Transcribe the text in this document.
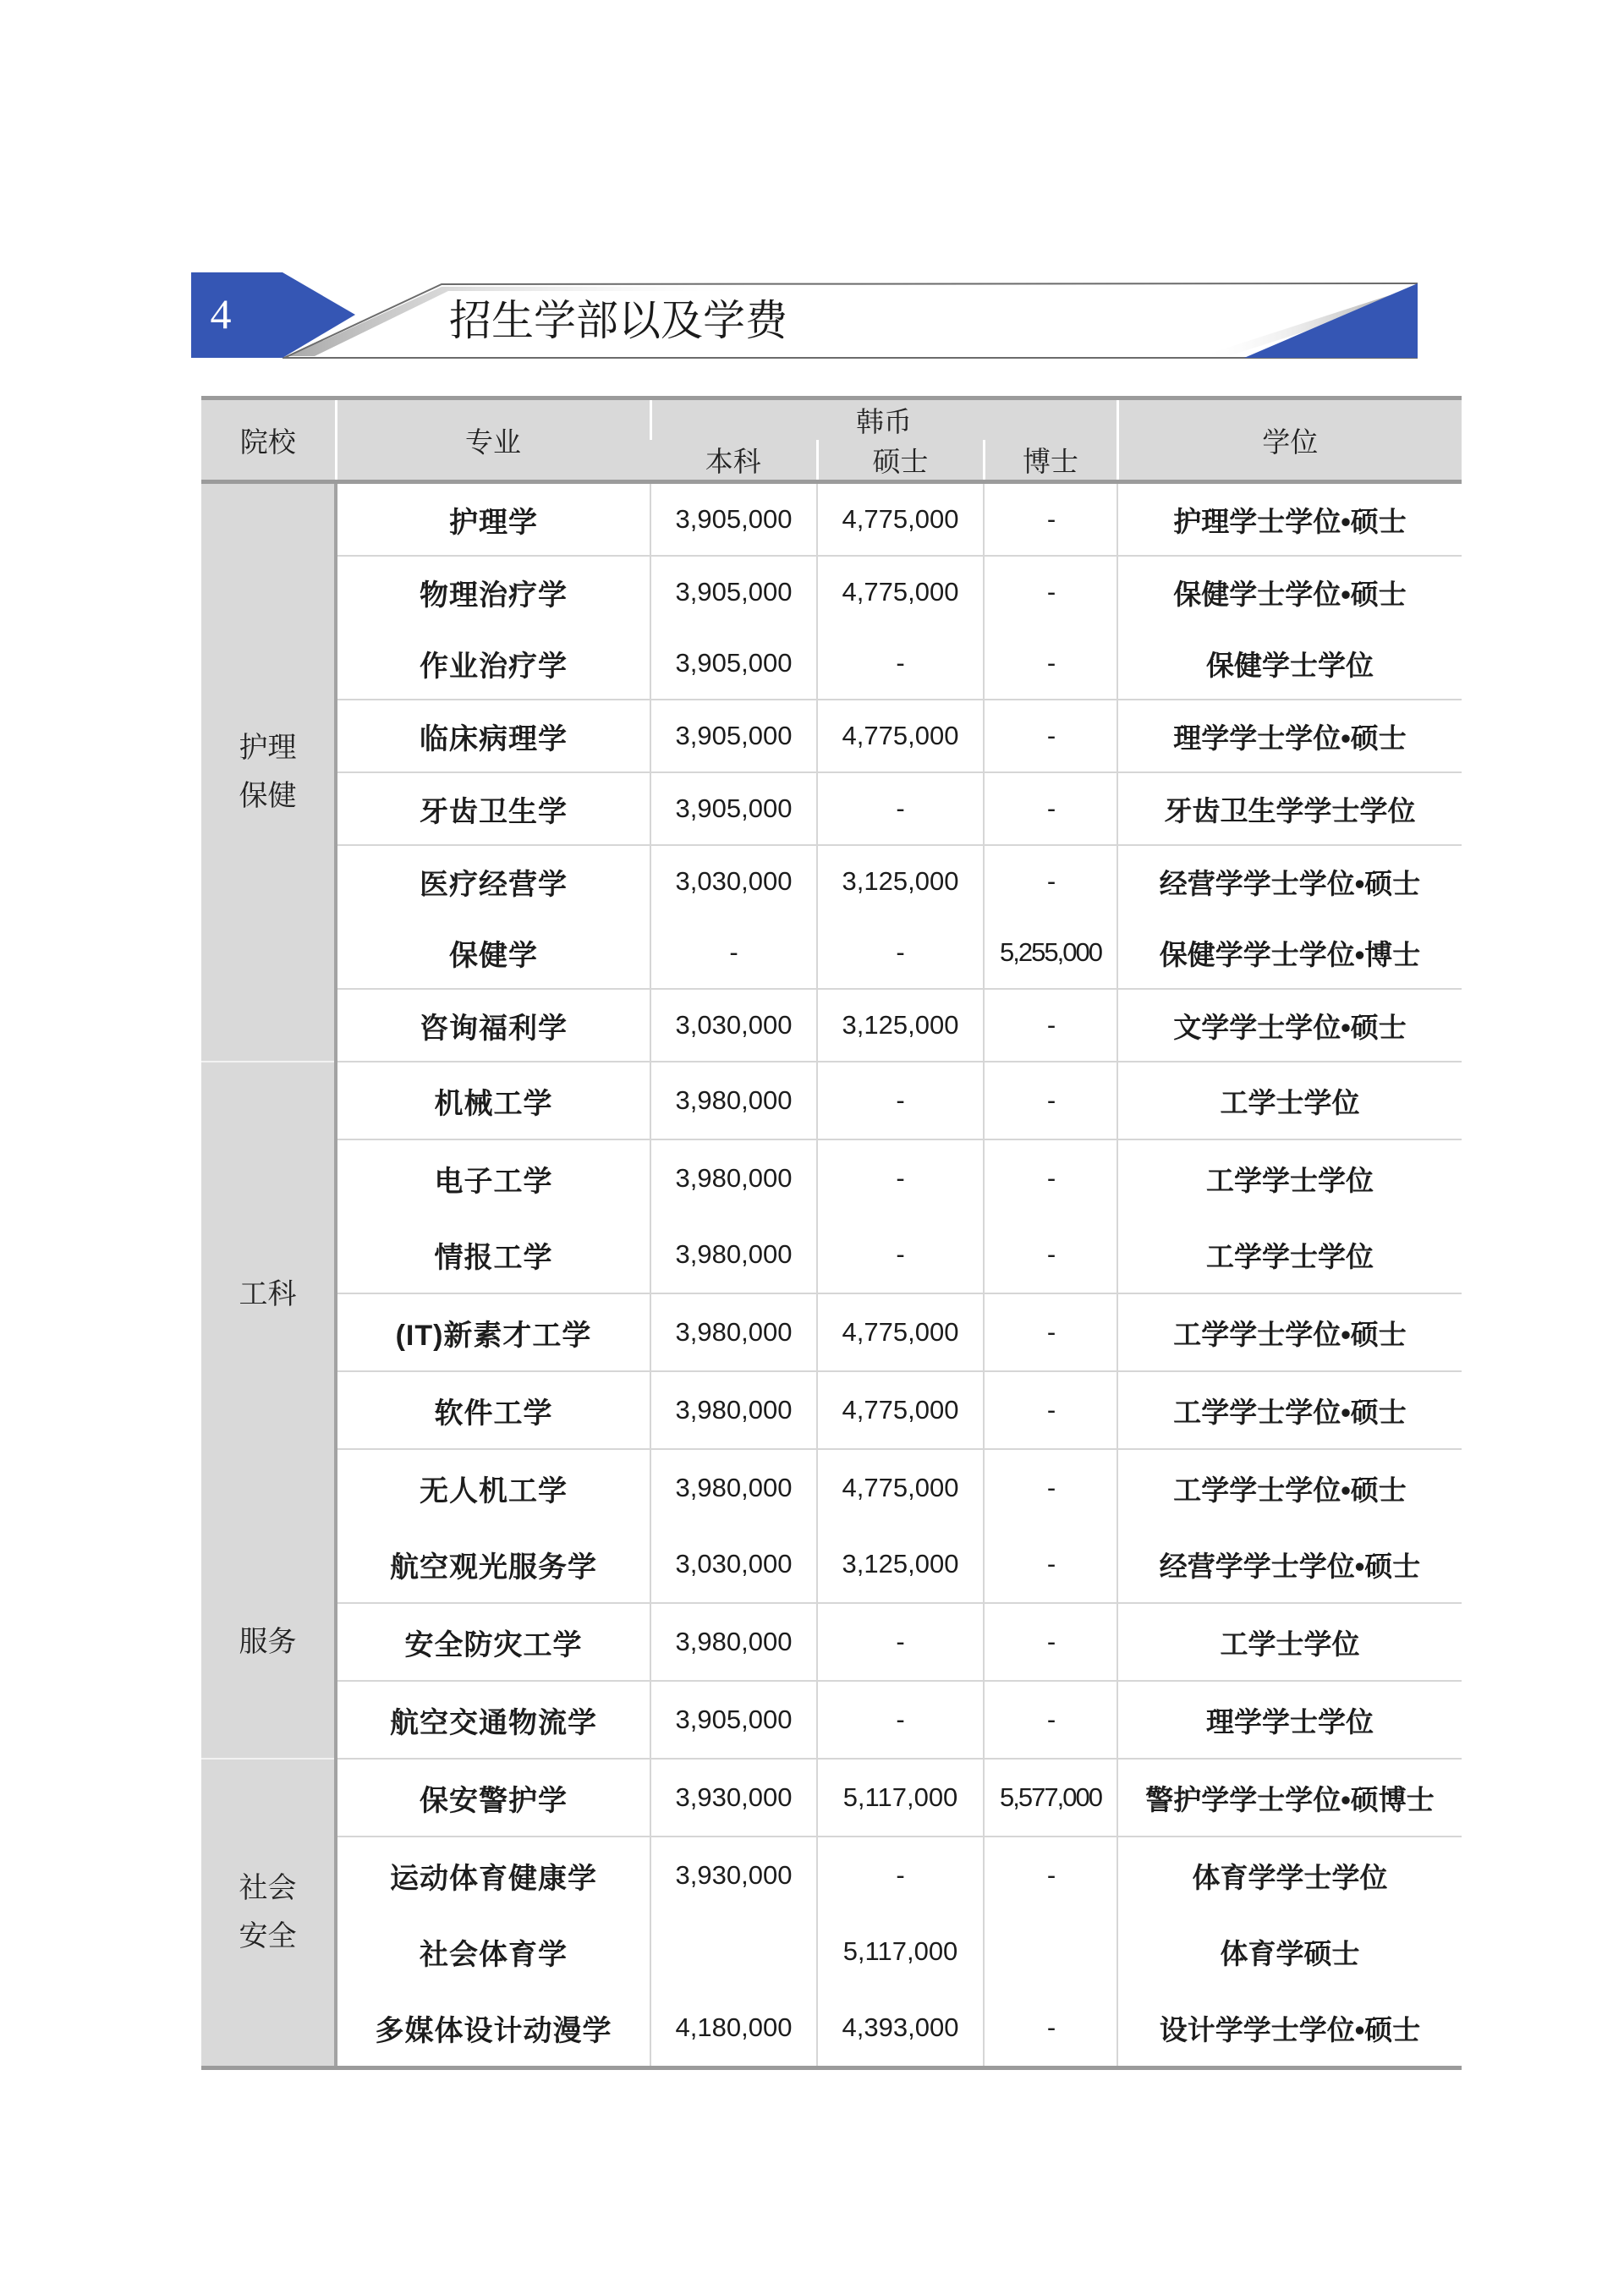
4	招生学部以及学费
院校	专业	韩币			学位
		本科	硕士	博士	

护理
保健	护理学	3,905,000	4,775,000	-	护理学士学位•硕士
	物理治疗学	3,905,000	4,775,000	-	保健学士学位•硕士
	作业治疗学	3,905,000	-	-	保健学士学位
	临床病理学	3,905,000	4,775,000	-	理学学士学位•硕士
	牙齿卫生学	3,905,000	-	-	牙齿卫生学学士学位
	医疗经营学	3,030,000	3,125,000	-	经营学学士学位•硕士
	保健学	-	-	5,255,000	保健学学士学位•博士
	咨询福利学	3,030,000	3,125,000	-	文学学士学位•硕士

工科	机械工学	3,980,000	-	-	工学士学位
	电子工学	3,980,000	-	-	工学学士学位
	情报工学	3,980,000	-	-	工学学士学位
	(IT)新素才工学	3,980,000	4,775,000	-	工学学士学位•硕士
	软件工学	3,980,000	4,775,000	-	工学学士学位•硕士
	无人机工学	3,980,000	4,775,000	-	工学学士学位•硕士

服务	航空观光服务学	3,030,000	3,125,000	-	经营学学士学位•硕士
	安全防灾工学	3,980,000	-	-	工学士学位
	航空交通物流学	3,905,000	-	-	理学学士学位

社会
安全	保安警护学	3,930,000	5,117,000	5,577,000	警护学学士学位•硕博士
	运动体育健康学	3,930,000	-	-	体育学学士学位
	社会体育学		5,117,000		体育学硕士
	多媒体设计动漫学	4,180,000	4,393,000	-	设计学学士学位•硕士
